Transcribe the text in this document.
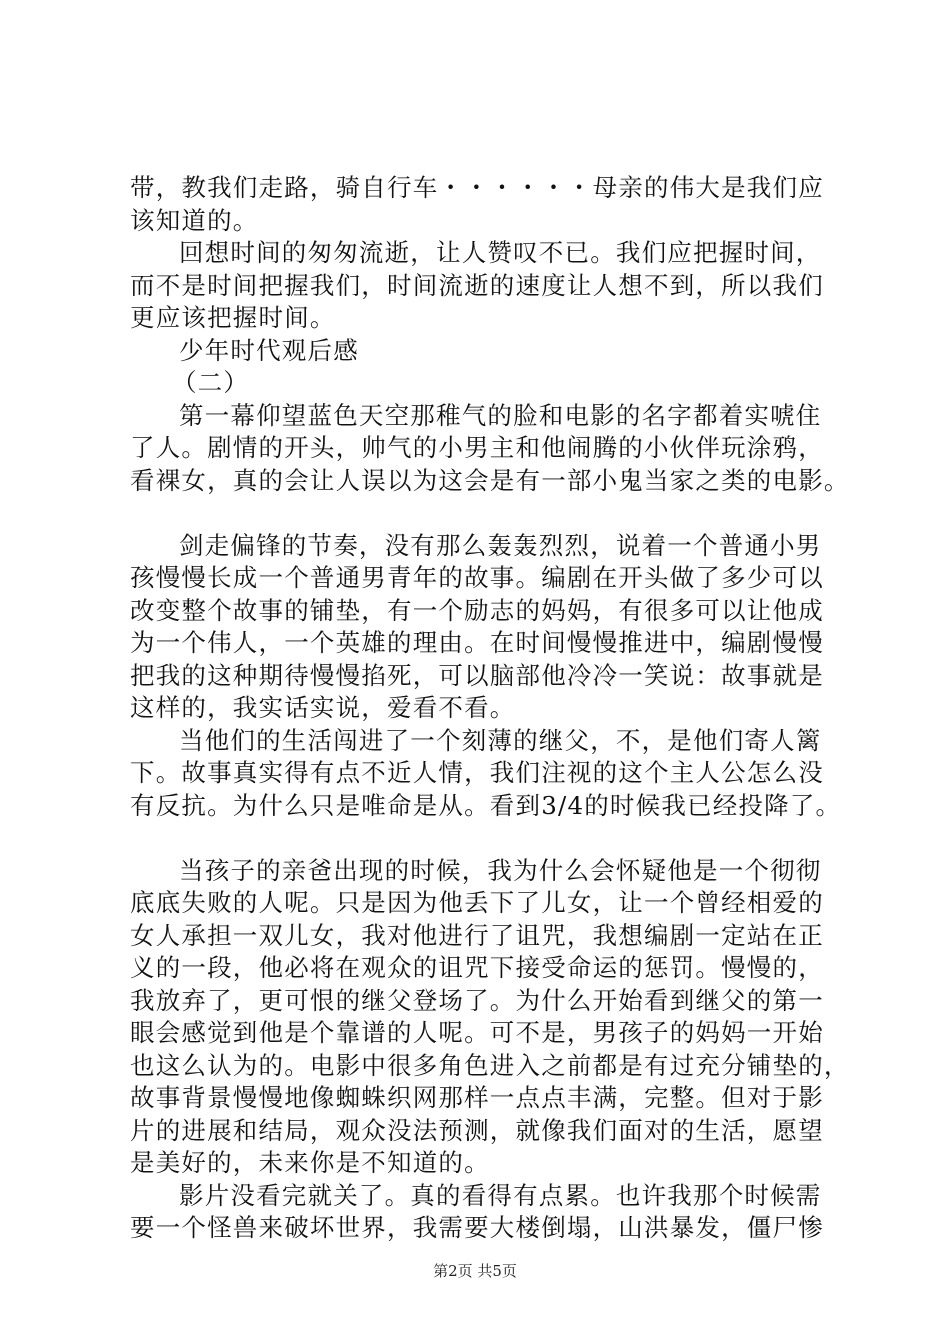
带，教我们走路，骑自行车・・・・・・母亲的伟大是我们应
该知道的。
回想时间的匆匆流逝，让人赞叹不已。我们应把握时间，
而不是时间把握我们，时间流逝的速度让人想不到，所以我们
更应该把握时间。
少年时代观后感
（二）
第一幕仰望蓝色天空那稚气的脸和电影的名字都着实唬住
了人。剧情的开头，帅气的小男主和他闹腾的小伙伴玩涂鸦，
看裸女，真的会让人误以为这会是有一部小鬼当家之类的电影。
剑走偏锋的节奏，没有那么轰轰烈烈，说着一个普通小男
孩慢慢长成一个普通男青年的故事。编剧在开头做了多少可以
改变整个故事的铺垫，有一个励志的妈妈，有很多可以让他成
为一个伟人，一个英雄的理由。在时间慢慢推进中，编剧慢慢
把我的这种期待慢慢掐死，可以脑部他冷冷一笑说：故事就是
这样的，我实话实说，爱看不看。
当他们的生活闯进了一个刻薄的继父，不，是他们寄人篱
下。故事真实得有点不近人情，我们注视的这个主人公怎么没
有反抗。为什么只是唯命是从。看到3/4的时候我已经投降了。
当孩子的亲爸出现的时候，我为什么会怀疑他是一个彻彻
底底失败的人呢。只是因为他丢下了儿女，让一个曾经相爱的
女人承担一双儿女，我对他进行了诅咒，我想编剧一定站在正
义的一段，他必将在观众的诅咒下接受命运的惩罚。慢慢的，
我放弃了，更可恨的继父登场了。为什么开始看到继父的第一
眼会感觉到他是个靠谱的人呢。可不是，男孩子的妈妈一开始
也这么认为的。电影中很多角色进入之前都是有过充分铺垫的，
故事背景慢慢地像蜘蛛织网那样一点点丰满，完整。但对于影
片的进展和结局，观众没法预测，就像我们面对的生活，愿望
是美好的，未来你是不知道的。
影片没看完就关了。真的看得有点累。也许我那个时候需
要一个怪兽来破坏世界，我需要大楼倒塌，山洪暴发，僵尸惨
第2页 共5页
